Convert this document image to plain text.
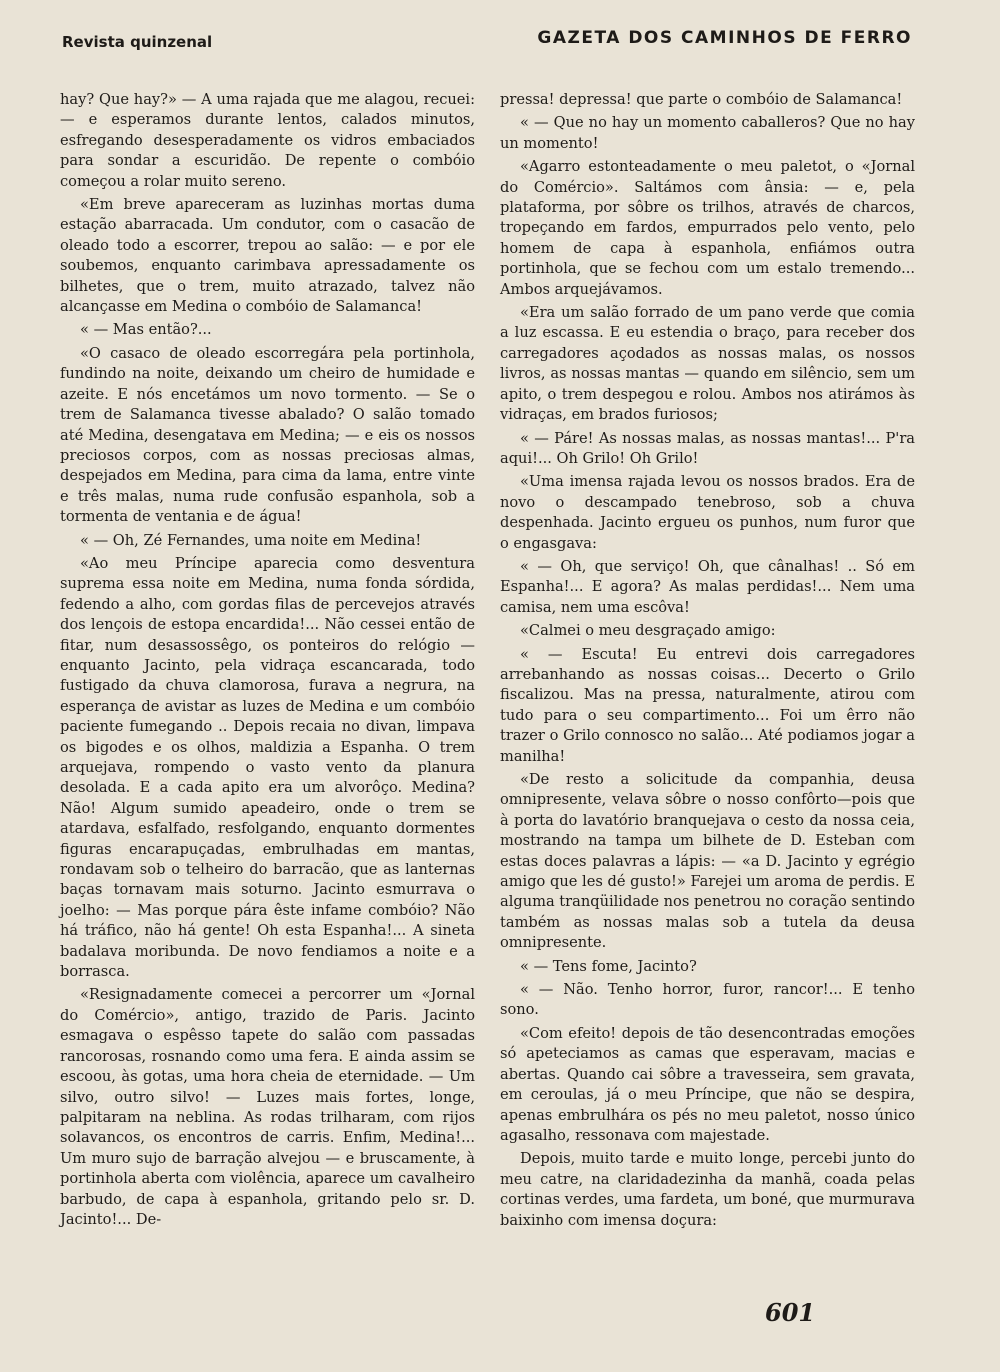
Revista quinzenal	GAZETA DOS CAMINHOS DE FERRO

hay? Que hay?» — A uma rajada que me alagou, recuei: — e esperamos durante lentos, calados minutos, esfregando desesperadamente os vidros embaciados para sondar a escuridão. De repente o combóio começou a rolar muito sereno.

«Em breve apareceram as luzinhas mortas duma estação abarracada. Um condutor, com o casacão de oleado todo a escorrer, trepou ao salão: — e por ele soubemos, enquanto carimbava apressadamente os bilhetes, que o trem, muito atrazado, talvez não alcançasse em Medina o combóio de Salamanca!

« — Mas então?...

«O casaco de oleado escorregára pela portinhola, fundindo na noite, deixando um cheiro de humidade e azeite. E nós encetámos um novo tormento. — Se o trem de Salamanca tivesse abalado? O salão tomado até Medina, desengatava em Medina; — e eis os nossos preciosos corpos, com as nossas preciosas almas, despejados em Medina, para cima da lama, entre vinte e três malas, numa rude confusão espanhola, sob a tormenta de ventania e de água!

« — Oh, Zé Fernandes, uma noite em Medina!

«Ao meu Príncipe aparecia como desventura suprema essa noite em Medina, numa fonda sórdida, fedendo a alho, com gordas filas de percevejos através dos lençois de estopa encardida!... Não cessei então de fitar, num desassossêgo, os ponteiros do relógio — enquanto Jacinto, pela vidraça escancarada, todo fustigado da chuva clamorosa, furava a negrura, na esperança de avistar as luzes de Medina e um combóio paciente fumegando .. Depois recaia no divan, limpava os bigodes e os olhos, maldizia a Espanha. O trem arquejava, rompendo o vasto vento da planura desolada. E a cada apito era um alvorôço. Medina? Não! Algum sumido apeadeiro, onde o trem se atardava, esfalfado, resfolgando, enquanto dormentes figuras encarapuçadas, embrulhadas em mantas, rondavam sob o telheiro do barracão, que as lanternas baças tornavam mais soturno. Jacinto esmurrava o joelho: — Mas porque pára êste infame combóio? Não há tráfico, não há gente! Oh esta Espanha!... A sineta badalava moribunda. De novo fendiamos a noite e a borrasca.

«Resignadamente comecei a percorrer um «Jornal do Comércio», antigo, trazido de Paris. Jacinto esmagava o espêsso tapete do salão com passadas rancorosas, rosnando como uma fera. E ainda assim se escoou, às gotas, uma hora cheia de eternidade. — Um silvo, outro silvo! — Luzes mais fortes, longe, palpitaram na neblina. As rodas trilharam, com rijos solavancos, os encontros de carris. Enfim, Medina!... Um muro sujo de barração alvejou — e bruscamente, à portinhola aberta com violência, aparece um cavalheiro barbudo, de capa à espanhola, gritando pelo sr. D. Jacinto!... De-

pressa! depressa! que parte o combóio de Salamanca!

« — Que no hay un momento caballeros? Que no hay un momento!

«Agarro estonteadamente o meu paletot, o «Jornal do Comércio». Saltámos com ânsia: — e, pela plataforma, por sôbre os trilhos, através de charcos, tropeçando em fardos, empurrados pelo vento, pelo homem de capa à espanhola, enfiámos outra portinhola, que se fechou com um estalo tremendo... Ambos arquejávamos.

«Era um salão forrado de um pano verde que comia a luz escassa. E eu estendia o braço, para receber dos carregadores açodados as nossas malas, os nossos livros, as nossas mantas — quando em silêncio, sem um apito, o trem despegou e rolou. Ambos nos atirámos às vidraças, em brados furiosos;

« — Páre! As nossas malas, as nossas mantas!... P'ra aqui!... Oh Grilo! Oh Grilo!

«Uma imensa rajada levou os nossos brados. Era de novo o descampado tenebroso, sob a chuva despenhada. Jacinto ergueu os punhos, num furor que o engasgava:

« — Oh, que serviço! Oh, que cânalhas! .. Só em Espanha!... E agora? As malas perdidas!... Nem uma camisa, nem uma escôva!

«Calmei o meu desgraçado amigo:

« — Escuta! Eu entrevi dois carregadores arrebanhando as nossas coisas... Decerto o Grilo fiscalizou. Mas na pressa, naturalmente, atirou com tudo para o seu compartimento... Foi um êrro não trazer o Grilo connosco no salão... Até podiamos jogar a manilha!

«De resto a solicitude da companhia, deusa omnipresente, velava sôbre o nosso confôrto—pois que à porta do lavatório branquejava o cesto da nossa ceia, mostrando na tampa um bilhete de D. Esteban com estas doces palavras a lápis: — «a D. Jacinto y egrégio amigo que les dé gusto!» Farejei um aroma de perdis. E alguma tranqüilidade nos penetrou no coração sentindo também as nossas malas sob a tutela da deusa omnipresente.

« — Tens fome, Jacinto?

« — Não. Tenho horror, furor, rancor!... E tenho sono.

«Com efeito! depois de tão desencontradas emoções só apeteciamos as camas que esperavam, macias e abertas. Quando cai sôbre a travesseira, sem gravata, em ceroulas, já o meu Príncipe, que não se despira, apenas embrulhára os pés no meu paletot, nosso único agasalho, ressonava com majestade.

Depois, muito tarde e muito longe, percebi junto do meu catre, na claridadezinha da manhã, coada pelas cortinas verdes, uma fardeta, um boné, que murmurava baixinho com imensa doçura:

601
